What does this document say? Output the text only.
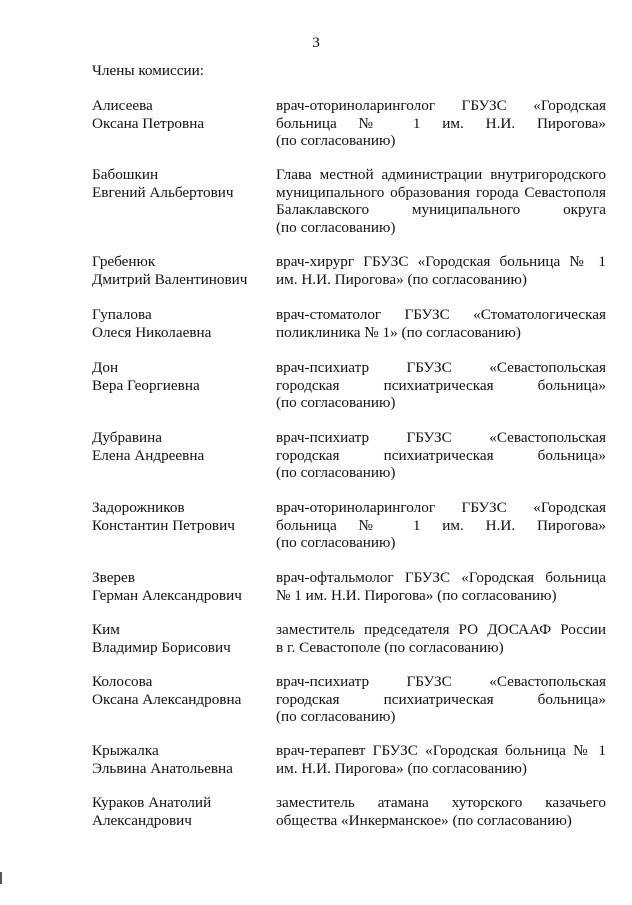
3
Члены комиссии:
Алисеева
Оксана Петровна
врач-оториноларинголог ГБУЗС «Городская
больница № 1 им. Н.И. Пирогова»
(по согласованию)
Бабошкин
Евгений Альбертович
Глава местной администрации внутригородского
муниципального образования города Севастополя
Балаклавского муниципального округа
(по согласованию)
Гребенюк
Дмитрий Валентинович
врач-хирург ГБУЗС «Городская больница № 1
им. Н.И. Пирогова» (по согласованию)
Гупалова
Олеся Николаевна
врач-стоматолог ГБУЗС «Стоматологическая
поликлиника № 1» (по согласованию)
Дон
Вера Георгиевна
врач-психиатр ГБУЗС «Севастопольская
городская психиатрическая больница»
(по согласованию)
Дубравина
Елена Андреевна
врач-психиатр ГБУЗС «Севастопольская
городская психиатрическая больница»
(по согласованию)
Задорожников
Константин Петрович
врач-оториноларинголог ГБУЗС «Городская
больница № 1 им. Н.И. Пирогова»
(по согласованию)
Зверев
Герман Александрович
врач-офтальмолог ГБУЗС «Городская больница
№ 1 им. Н.И. Пирогова» (по согласованию)
Ким
Владимир Борисович
заместитель председателя РО ДОСААФ России
в г. Севастополе (по согласованию)
Колосова
Оксана Александровна
врач-психиатр ГБУЗС «Севастопольская
городская психиатрическая больница»
(по согласованию)
Крыжалка
Эльвина Анатольевна
врач-терапевт ГБУЗС «Городская больница № 1
им. Н.И. Пирогова» (по согласованию)
Кураков Анатолий
Александрович
заместитель атамана хуторского казачьего
общества «Инкерманское» (по согласованию)
